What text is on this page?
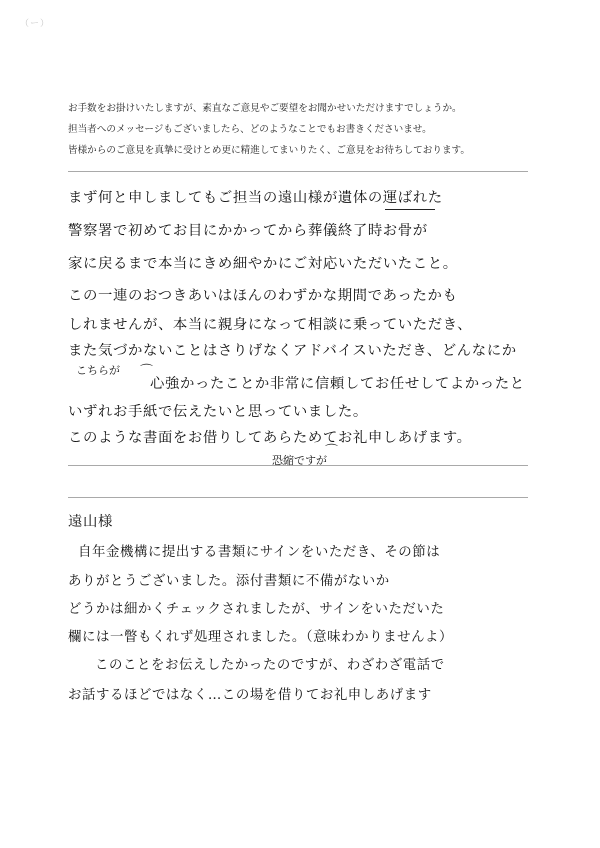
（ー）
お手数をお掛けいたしますが、素直なご意見やご要望をお聞かせいただけますでしょうか。
担当者へのメッセージもございましたら、どのようなことでもお書きくださいませ。
皆様からのご意見を真摯に受けとめ更に精進してまいりたく、ご意見をお待ちしております。
まず何と申しましてもご担当の遠山様が遺体の運ばれた
警察署で初めてお目にかかってから葬儀終了時お骨が
家に戻るまで本当にきめ細やかにご対応いただいたこと。
この一連のおつきあいはほんのわずかな期間であったかも
しれませんが、本当に親身になって相談に乗っていただき、
また気づかないことはさりげなくアドバイスいただき、どんなにか
こちらが ⌒
心強かったことか非常に信頼してお任せしてよかったと
いずれお手紙で伝えたいと思っていました。
このような書面をお借りしてあらためてお礼申しあげます。
恐縮ですが
⌒
遠山様
自年金機構に提出する書類にサインをいただき、その節は
ありがとうございました。添付書類に不備がないか
どうかは細かくチェックされましたが、サインをいただいた
欄には一瞥もくれず処理されました。（意味わかりませんよ）
このことをお伝えしたかったのですが、わざわざ電話で
お話するほどではなく…この場を借りてお礼申しあげます
